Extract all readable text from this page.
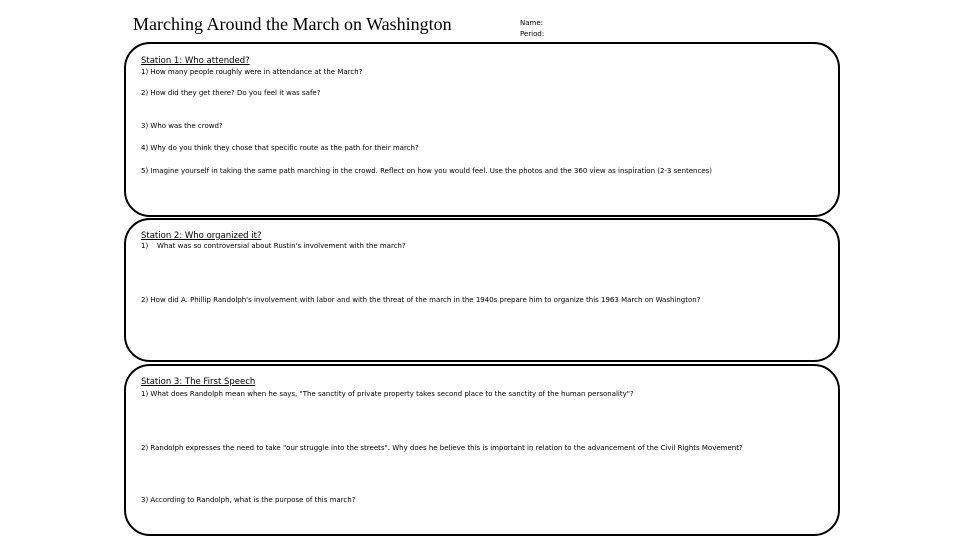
Marching Around the March on Washington	Name:
Period:
Station 1: Who attended?
1) How many people roughly were in attendance at the March?
2) How did they get there? Do you feel it was safe?
3) Who was the crowd?
4) Why do you think they chose that specific route as the path for their march?
5) Imagine yourself in taking the same path marching in the crowd. Reflect on how you would feel. Use the photos and the 360 view as inspiration (2-3 sentences)
Station 2: Who organized it?
1) What was so controversial about Rustin's involvement with the march?
2) How did A. Phillip Randolph's involvement with labor and with the threat of the march in the 1940s prepare him to organize this 1963 March on Washington?
Station 3: The First Speech
1) What does Randolph mean when he says, "The sanctity of private property takes second place to the sanctity of the human personality"?
2) Randolph expresses the need to take "our struggle into the streets". Why does he believe this is important in relation to the advancement of the Civil Rights Movement?
3) According to Randolph, what is the purpose of this march?
